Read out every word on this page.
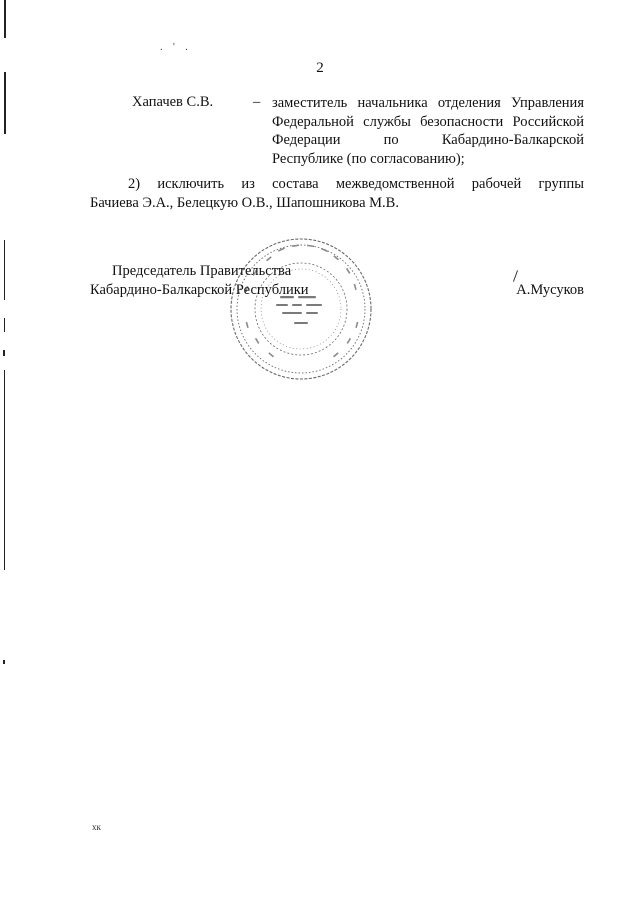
. ' .
2
Хапачев С.В.	– заместитель начальника отделения Управления
Федеральной службы безопасности Российской
Федерации по Кабардино-Балкарской
Республике (по согласованию);
2) исключить из состава межведомственной рабочей группы
Бачиева Э.А., Белецкую О.В., Шапошникова М.В.
Председатель Правительства
Кабардино-Балкарской Республики	А.Мусуков
хк
